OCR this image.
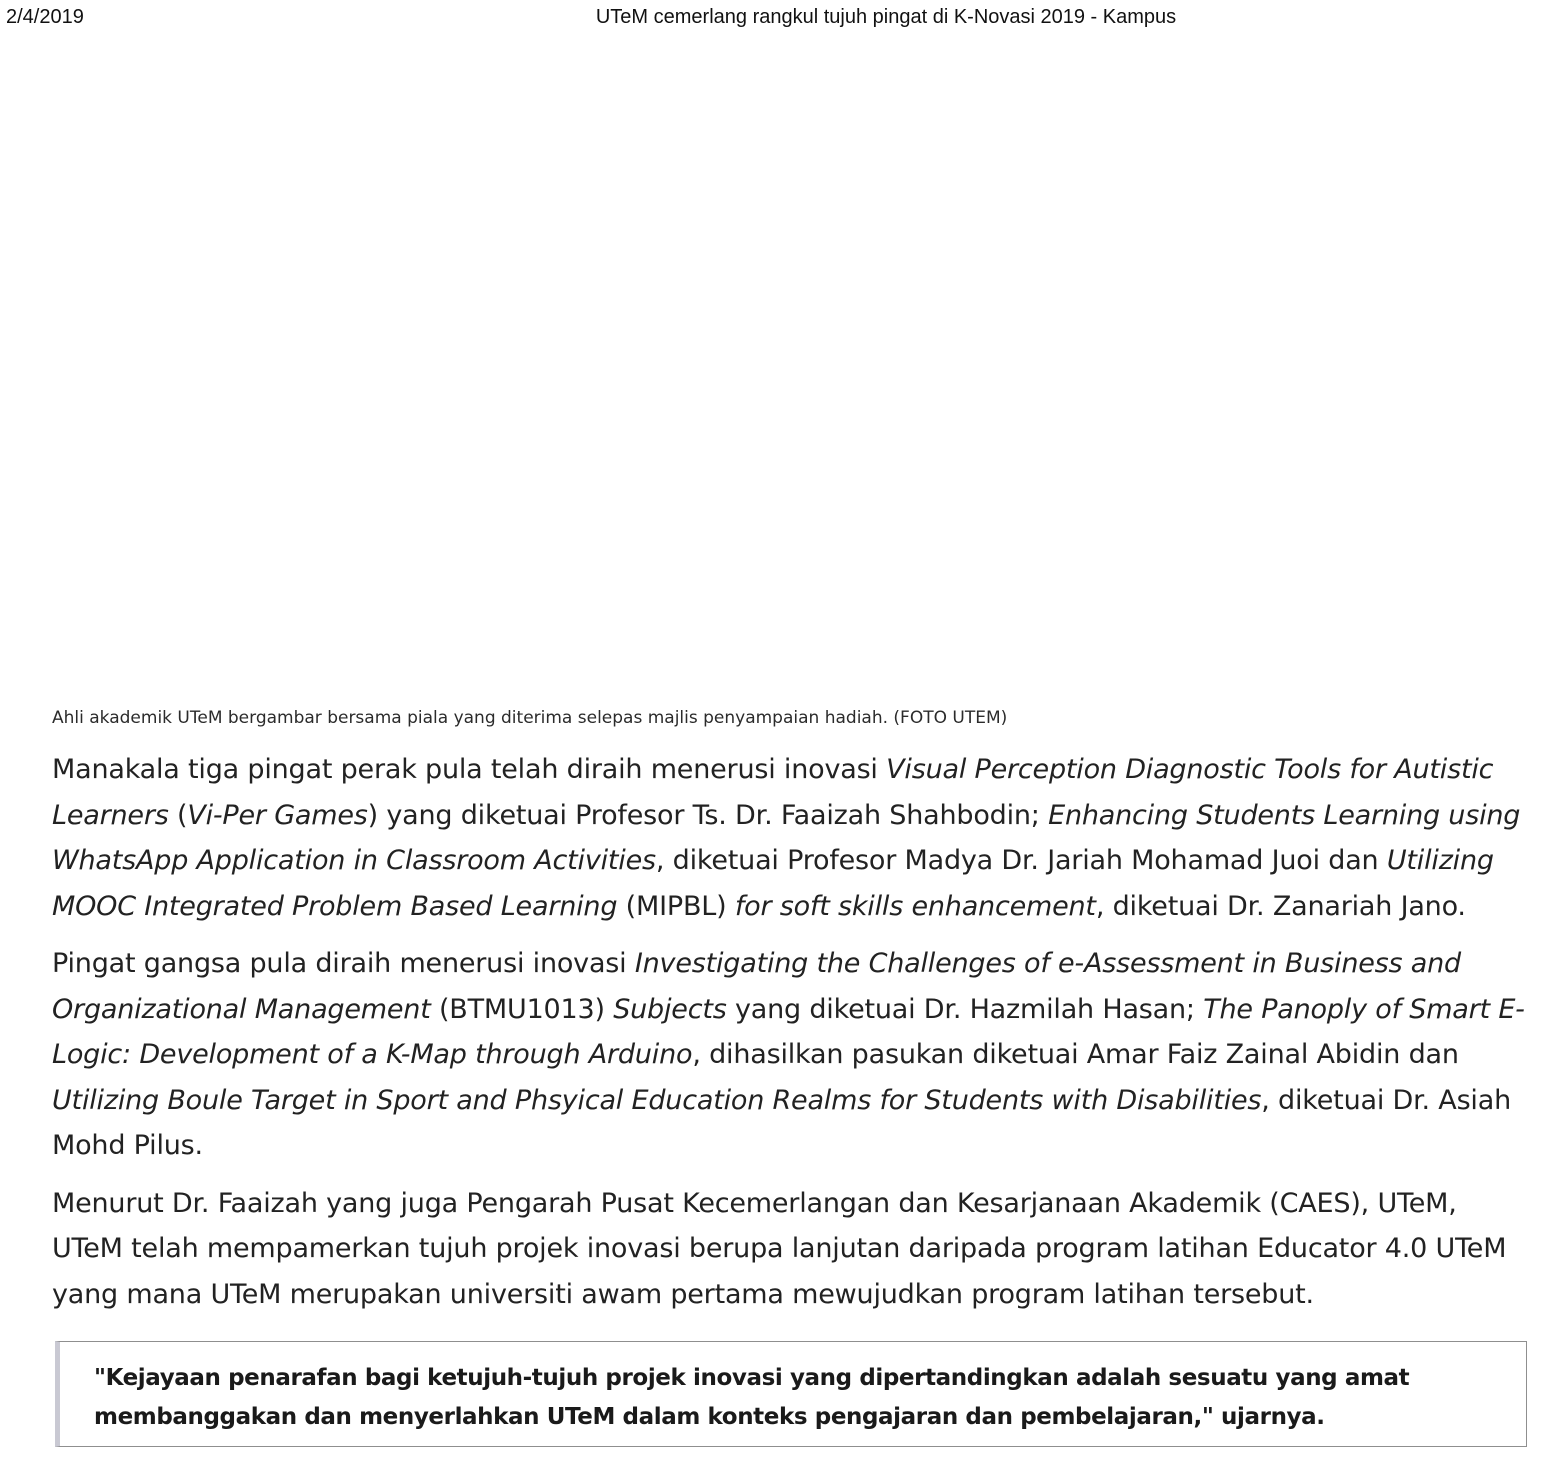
2/4/2019	UTeM cemerlang rangkul tujuh pingat di K-Novasi 2019 - Kampus
Ahli akademik UTeM bergambar bersama piala yang diterima selepas majlis penyampaian hadiah. (FOTO UTEM)

Manakala tiga pingat perak pula telah diraih menerusi inovasi Visual Perception Diagnostic Tools for Autistic Learners (Vi-Per Games) yang diketuai Profesor Ts. Dr. Faaizah Shahbodin; Enhancing Students Learning using WhatsApp Application in Classroom Activities, diketuai Profesor Madya Dr. Jariah Mohamad Juoi dan Utilizing MOOC Integrated Problem Based Learning (MIPBL) for soft skills enhancement, diketuai Dr. Zanariah Jano.

Pingat gangsa pula diraih menerusi inovasi Investigating the Challenges of e-Assessment in Business and Organizational Management (BTMU1013) Subjects yang diketuai Dr. Hazmilah Hasan; The Panoply of Smart E-Logic: Development of a K-Map through Arduino, dihasilkan pasukan diketuai Amar Faiz Zainal Abidin dan Utilizing Boule Target in Sport and Phsyical Education Realms for Students with Disabilities, diketuai Dr. Asiah Mohd Pilus.

Menurut Dr. Faaizah yang juga Pengarah Pusat Kecemerlangan dan Kesarjanaan Akademik (CAES), UTeM, UTeM telah mempamerkan tujuh projek inovasi berupa lanjutan daripada program latihan Educator 4.0 UTeM yang mana UTeM merupakan universiti awam pertama mewujudkan program latihan tersebut.

"Kejayaan penarafan bagi ketujuh-tujuh projek inovasi yang dipertandingkan adalah sesuatu yang amat membanggakan dan menyerlahkan UTeM dalam konteks pengajaran dan pembelajaran," ujarnya.
